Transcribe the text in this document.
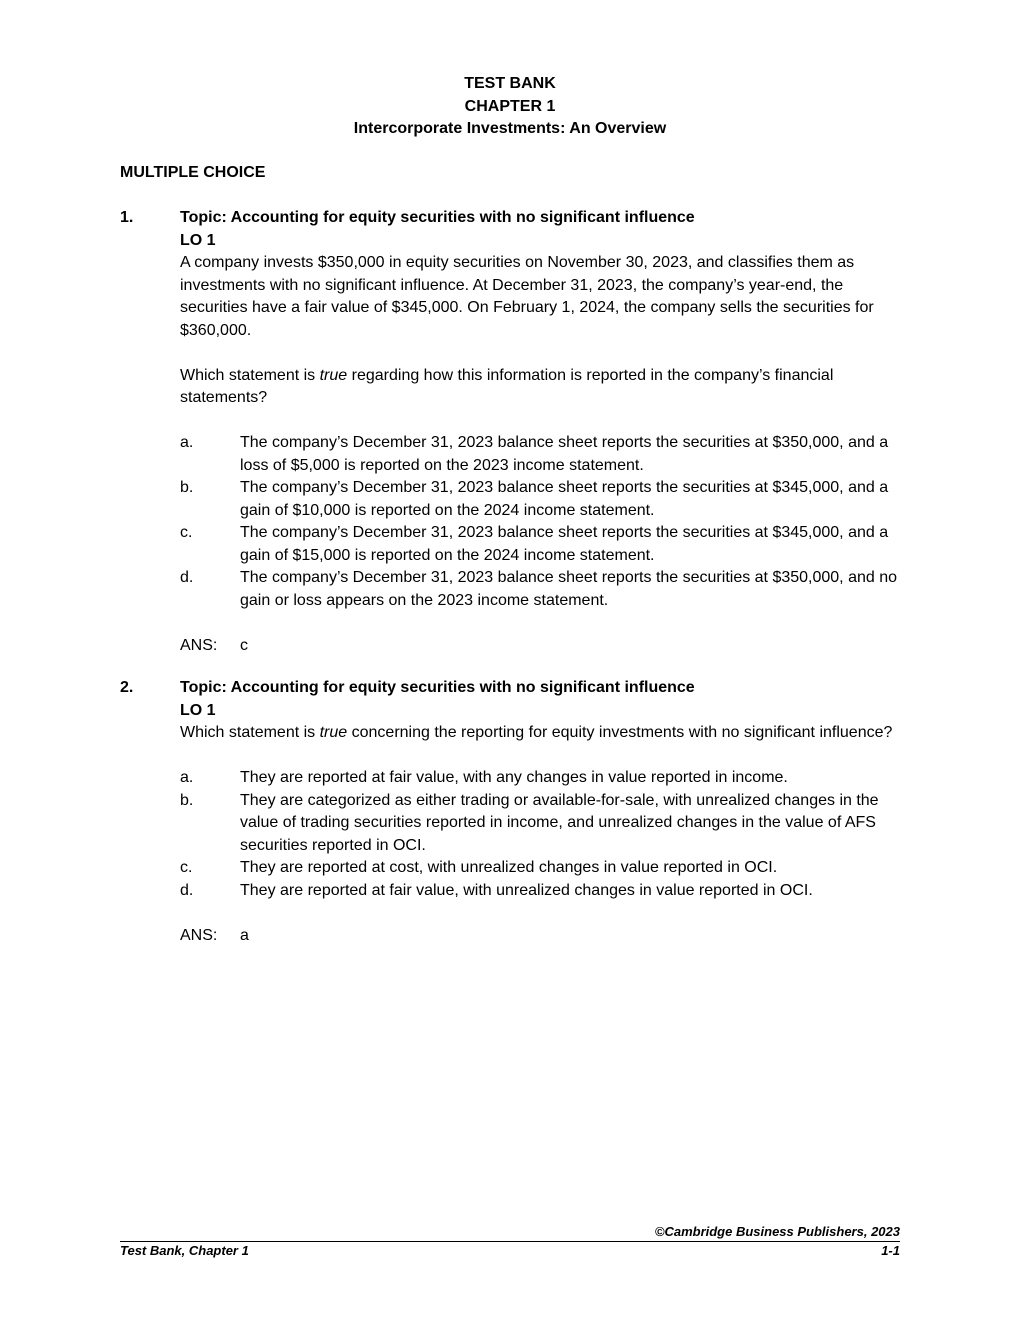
TEST BANK
CHAPTER 1
Intercorporate Investments: An Overview
MULTIPLE CHOICE
1.	Topic: Accounting for equity securities with no significant influence
LO 1

A company invests $350,000 in equity securities on November 30, 2023, and classifies them as investments with no significant influence. At December 31, 2023, the company’s year-end, the securities have a fair value of $345,000. On February 1, 2024, the company sells the securities for $360,000.

Which statement is true regarding how this information is reported in the company’s financial statements?

a.	The company’s December 31, 2023 balance sheet reports the securities at $350,000, and a loss of $5,000 is reported on the 2023 income statement.
b.	The company’s December 31, 2023 balance sheet reports the securities at $345,000, and a gain of $10,000 is reported on the 2024 income statement.
c.	The company’s December 31, 2023 balance sheet reports the securities at $345,000, and a gain of $15,000 is reported on the 2024 income statement.
d.	The company’s December 31, 2023 balance sheet reports the securities at $350,000, and no gain or loss appears on the 2023 income statement.
ANS: c
2.	Topic: Accounting for equity securities with no significant influence
LO 1

Which statement is true concerning the reporting for equity investments with no significant influence?

a.	They are reported at fair value, with any changes in value reported in income.
b.	They are categorized as either trading or available-for-sale, with unrealized changes in the value of trading securities reported in income, and unrealized changes in the value of AFS securities reported in OCI.
c.	They are reported at cost, with unrealized changes in value reported in OCI.
d.	They are reported at fair value, with unrealized changes in value reported in OCI.
ANS: a
©Cambridge Business Publishers, 2023
Test Bank, Chapter 1	1-1
